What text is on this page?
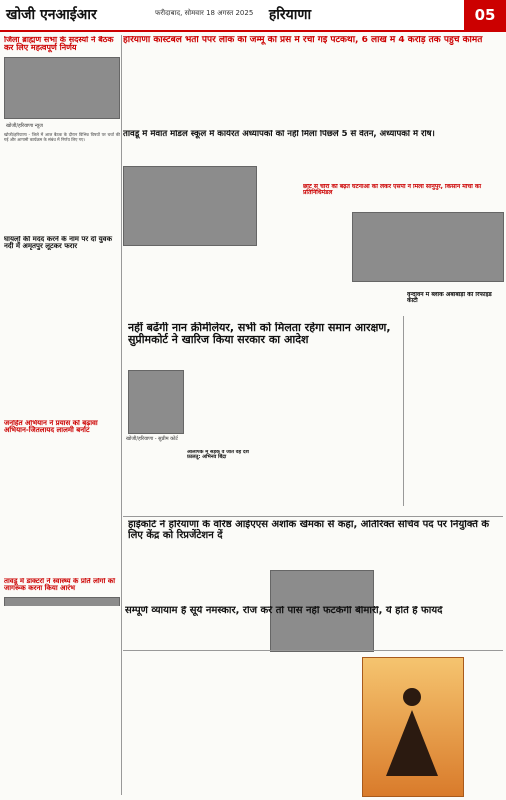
खोजी एनआईआर	फरीदाबाद, सोमवार 18 अगस्त 2025	हरियाणा	05
जिला ब्राह्मण सभा के सदस्यों ने बैठक कर लिए महत्वपूर्ण निर्णय
खोजी/हरियाणा न्यूज
खोजी/हरियाणा - जिले में आज बैठक के दौरान विभिन्न विषयों पर चर्चा की गई और आगामी कार्यक्रम के संबंध में निर्णय लिए गए।
घायलों की मदद करने के नाम पर दो युवक नदी में अमृतपुर लूटकर फरार
जनहित अभियान ने प्रयास को बढ़ावा अभियान-जितलायद लालमी बर्नाट
तावडू में डाक्टरों ने स्वास्थ्य के प्रति लोगों को जागरूक करना किया आरंभ
हरियाणा कांस्टेबल भर्ती पेपर लीक की जम्मू की प्रेस में रची गई पटकथा, 6 लाख में 4 करोड़ तक पहुंचे कीमत
तावडू में मेवात मॉडल स्कूल में कार्यरत अध्यापकों को नहीं मिला पिछले 5 से वेतन, अध्यापकों में रोष।
छोटे से चोरी की बढ़त घटनाओं को लेकर एसपी ने मिला सानुपुर, किसान मोर्चा का प्रतिनिधिमंडल
वृन्दावन में ब्लाक अंबाबाड़ी की रिफाइंड काटी
नहीं बढेंगी नान क्रीमीलेयर, सभी को मिलता रहेगा समान आरक्षण, सुप्रीमकोर्ट ने खारिज किया सरकार का आदेश
खोजी/हरियाणा - सुप्रीम कोर्ट
ओलंपिक में सड़क व जीते वह देश फ़ालतू: अभिनव बिंद्रा
हाईकोर्ट ने हरियाणा के वरिष्ठ आईएएस अशोक खेमका से कहा, अतिरिक्त सचिव पद पर नियुक्ति के लिए केंद्र को रिप्रजेंटेशन दें
सम्पूर्ण व्यायाम है सूर्य नमस्कार, रोज करें तो पास नहीं फटकेगी बीमारी, ये होते हैं फायदे
